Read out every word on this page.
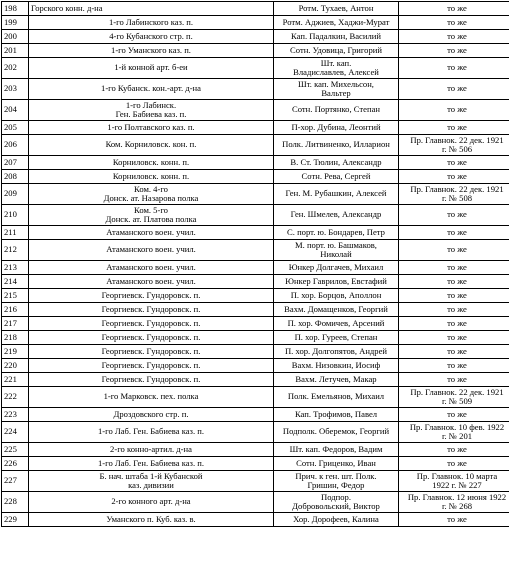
198	Горского конн. д-на	Ротм. Тухаев, Антон	то же

199	1-го Лабинского каз. п.	Ротм. Аджиев, Хаджи-Мурат	то же

200	4-го Кубанского стр. п.	Кап. Падалкин, Василий	то же

201	1-го Уманского каз. п.	Сотн. Удовица, Григорий	то же

202	1-й конной арт. б-еи	Шт. кап.
Владиславлев, Алексей	то же

203	1-го Кубанск. кон.-арт. д-на	Шт. кап. Михельсон,
Вальтер	то же

204	1-го Лабинск.
Ген. Бабиева каз. п.	Сотн. Портянко, Степан	то же

205	1-го Полтавского каз. п.	П-хор. Дубина, Леонтий	то же

206	Ком. Корниловск. кон. п.	Полк. Литвиненко, Илларион	Пр. Главнок. 22 дек. 1921
г. № 506

207	Корниловск. конн. п.	В. Ст. Тюлин, Александр	то же

208	Корниловск. конн. п.	Сотн. Рева, Сергей	то же

209	Ком. 4-го
Донск. ат. Назарова полка	Ген. М. Рубашкин, Алексей	Пр. Главнок. 22 дек. 1921
г. № 508

210	Ком. 5-го
Донск. ат. Платова полка	Ген. Шмелев, Александр	то же

211	Атаманского воен. учил.	С. порт. ю. Бондарев, Петр	то же

212	Атаманского воен. учил.	М. порт. ю. Башмаков,
Николай	то же

213	Атаманского воен. учил.	Юнкер Долгачев, Михаил	то же

214	Атаманского воен. учил.	Юнкер Гаврилов, Евстафий	то же

215	Георгиевск. Гундоровск. п.	П. хор. Борцов, Аполлон	то же

216	Георгиевск. Гундоровск. п.	Вахм. Домащенков, Георгий	то же

217	Георгиевск. Гундоровск. п.	П. хор. Фомичев, Арсений	то же

218	Георгиевск. Гундоровск. п.	П. хор. Гуреев, Степан	то же

219	Георгиевск. Гундоровск. п.	П. хор. Долгопятов, Андрей	то же

220	Георгиевск. Гундоровск. п.	Вахм. Низовкин, Иосиф	то же

221	Георгиевск. Гундоровск. п.	Вахм. Летучев, Макар	то же

222	1-го Марковск. пех. полка	Полк. Емельянов, Михаил	Пр. Главнок. 22 дек. 1921
г. № 509

223	Дроздовского стр. п.	Кап. Трофимов, Павел	то же

224	1-го Лаб. Ген. Бабиева каз. п.	Подполк. Оберемок, Георгий	Пр. Главнок. 10 фев. 1922
г. № 201

225	2-го конно-артил. д-на	Шт. кап. Федоров, Вадим	то же

226	1-го Лаб. Ген. Бабиева каз. п.	Сотн. Гриценко, Иван	то же

227	Б. нач. штаба 1-й Кубанской
каз. дивизии	Прич. к ген. шт. Полк.
Гришин, Федор	Пр. Главнок. 10 марта
1922 г. № 227

228	2-го конного арт. д-на	Подпор.
Добровольский, Виктор	Пр. Главнок. 12 июня 1922
г. № 268

229	Уманского п. Куб. каз. в.	Хор. Дорофеев, Калина	то же
